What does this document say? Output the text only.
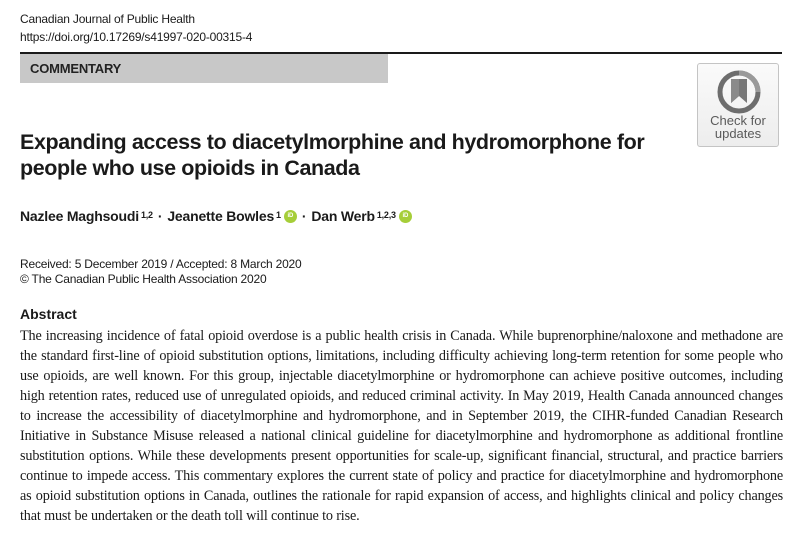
Canadian Journal of Public Health
https://doi.org/10.17269/s41997-020-00315-4
COMMENTARY
Check for
updates
Expanding access to diacetylmorphine and hydromorphone for people who use opioids in Canada
Nazlee Maghsoudi$^{1,2}$ · Jeanette Bowles$^1$	iD · Dan Werb$^{1,2,3}$	iD
Received: 5 December 2019 / Accepted: 8 March 2020
© The Canadian Public Health Association 2020
Abstract

The increasing incidence of fatal opioid overdose is a public health crisis in Canada. While buprenorphine/naloxone and methadone are the standard first-line of opioid substitution options, limitations, including difficulty achieving long-term retention for some people who use opioids, are well known. For this group, injectable diacetylmorphine or hydromorphone can achieve positive outcomes, including high retention rates, reduced use of unregulated opioids, and reduced criminal activity. In May 2019, Health Canada announced changes to increase the accessibility of diacetylmorphine and hydromorphone, and in September 2019, the CIHR-funded Canadian Research Initiative in Substance Misuse released a national clinical guideline for diacetylmorphine and hydromorphone as additional frontline substitution options. While these developments present opportunities for scale-up, significant financial, structural, and practice barriers continue to impede access. This commentary explores the current state of policy and practice for diacetylmorphine and hydromorphone as opioid substitution options in Canada, outlines the rationale for rapid expansion of access, and highlights clinical and policy changes that must be undertaken or the death toll will continue to rise.
